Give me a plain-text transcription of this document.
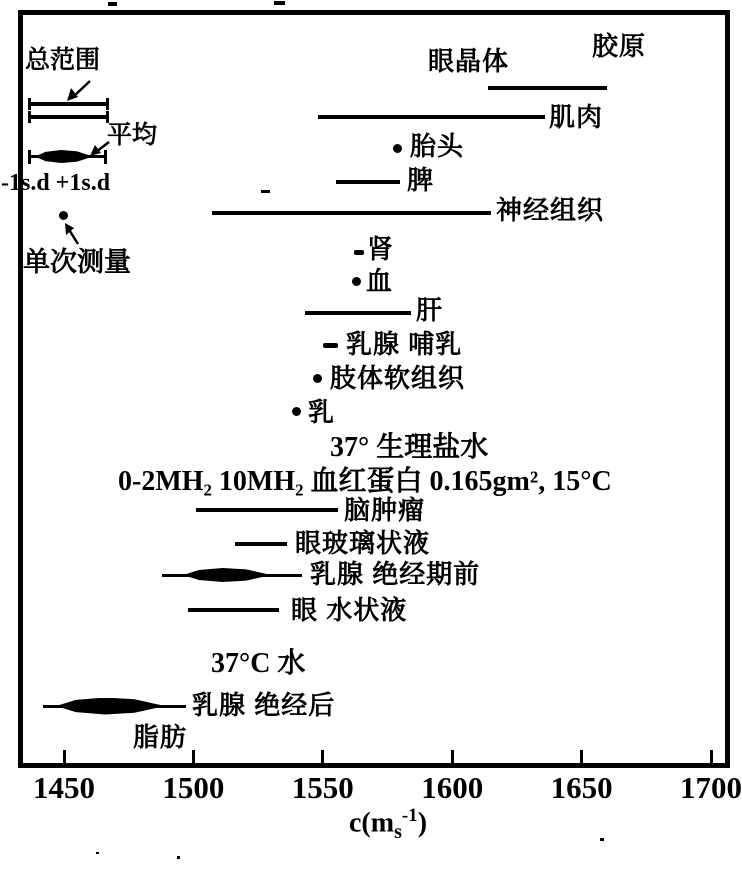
总范围
平均
-1s.d +1s.d
单次测量
胶原
眼晶体
肌肉
胎头
脾
神经组织
肾
血
肝
乳腺 哺乳
肢体软组织
乳
37° 生理盐水
0-2MH₂ 10MH₂ 血红蛋白 0.165gm², 15°C
脑肿瘤
眼玻璃状液
乳腺 绝经期前
眼 水状液
37°C 水
乳腺 绝经后
脂肪
1450 1500 1550 1600 1650 1700
$c(m_s^{-1})$
